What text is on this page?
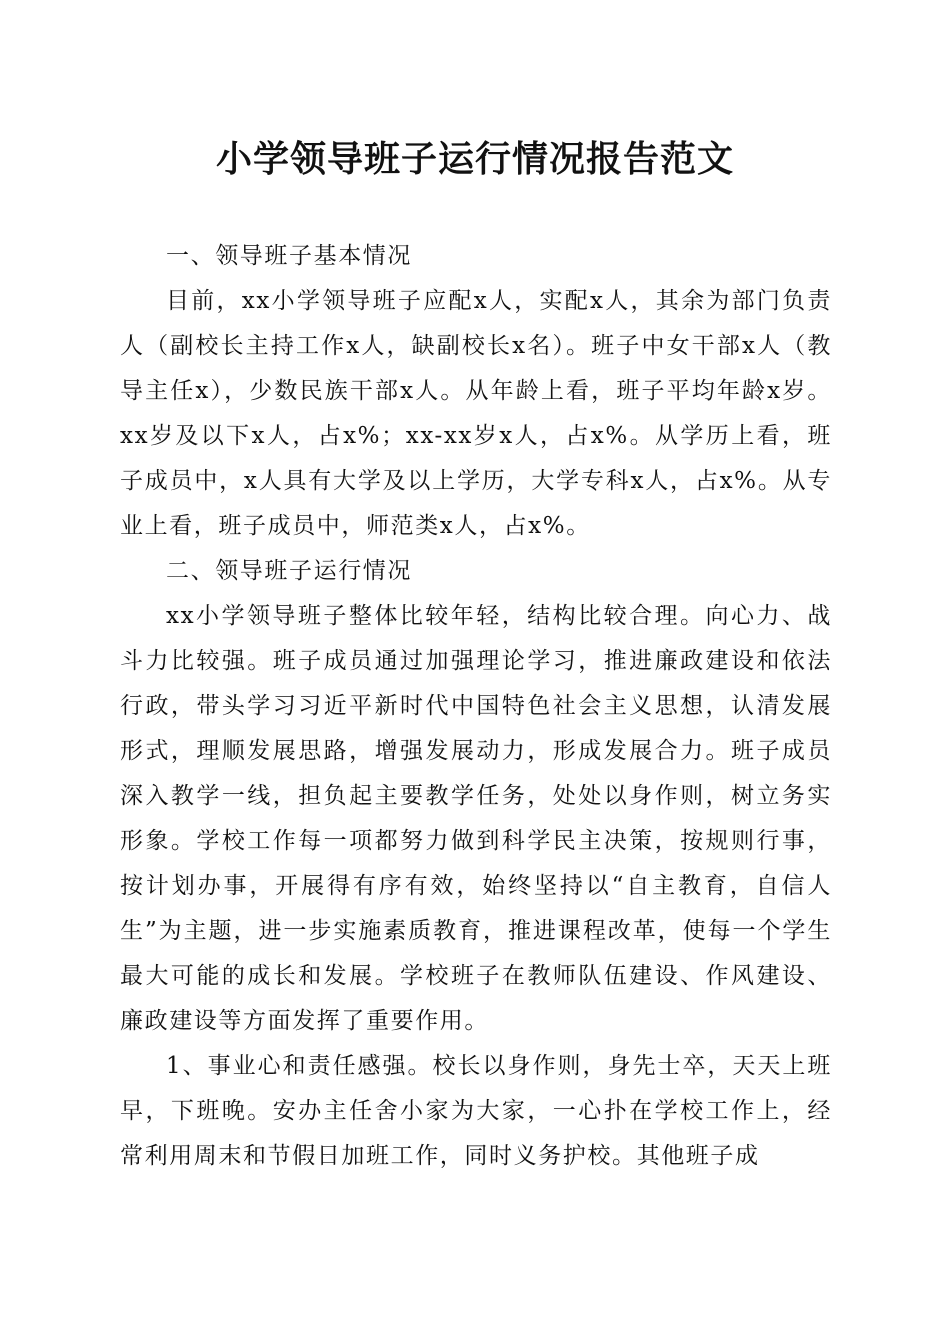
小学领导班子运行情况报告范文
一、领导班子基本情况

目前，xx小学领导班子应配x人，实配x人，其余为部门负责人（副校长主持工作x人，缺副校长x名）。班子中女干部x人（教导主任x），少数民族干部x人。从年龄上看，班子平均年龄x岁。xx岁及以下x人，占x%；xx-xx岁x人，占x%。从学历上看，班子成员中，x人具有大学及以上学历，大学专科x人，占x%。从专业上看，班子成员中，师范类x人，占x%。

二、领导班子运行情况

xx小学领导班子整体比较年轻，结构比较合理。向心力、战斗力比较强。班子成员通过加强理论学习，推进廉政建设和依法行政，带头学习习近平新时代中国特色社会主义思想，认清发展形式，理顺发展思路，增强发展动力，形成发展合力。班子成员深入教学一线，担负起主要教学任务，处处以身作则，树立务实形象。学校工作每一项都努力做到科学民主决策，按规则行事，按计划办事，开展得有序有效，始终坚持以“自主教育，自信人生”为主题，进一步实施素质教育，推进课程改革，使每一个学生最大可能的成长和发展。学校班子在教师队伍建设、作风建设、廉政建设等方面发挥了重要作用。

1、事业心和责任感强。校长以身作则，身先士卒，天天上班早，下班晚。安办主任舍小家为大家，一心扑在学校工作上，经常利用周末和节假日加班工作，同时义务护校。其他班子成
